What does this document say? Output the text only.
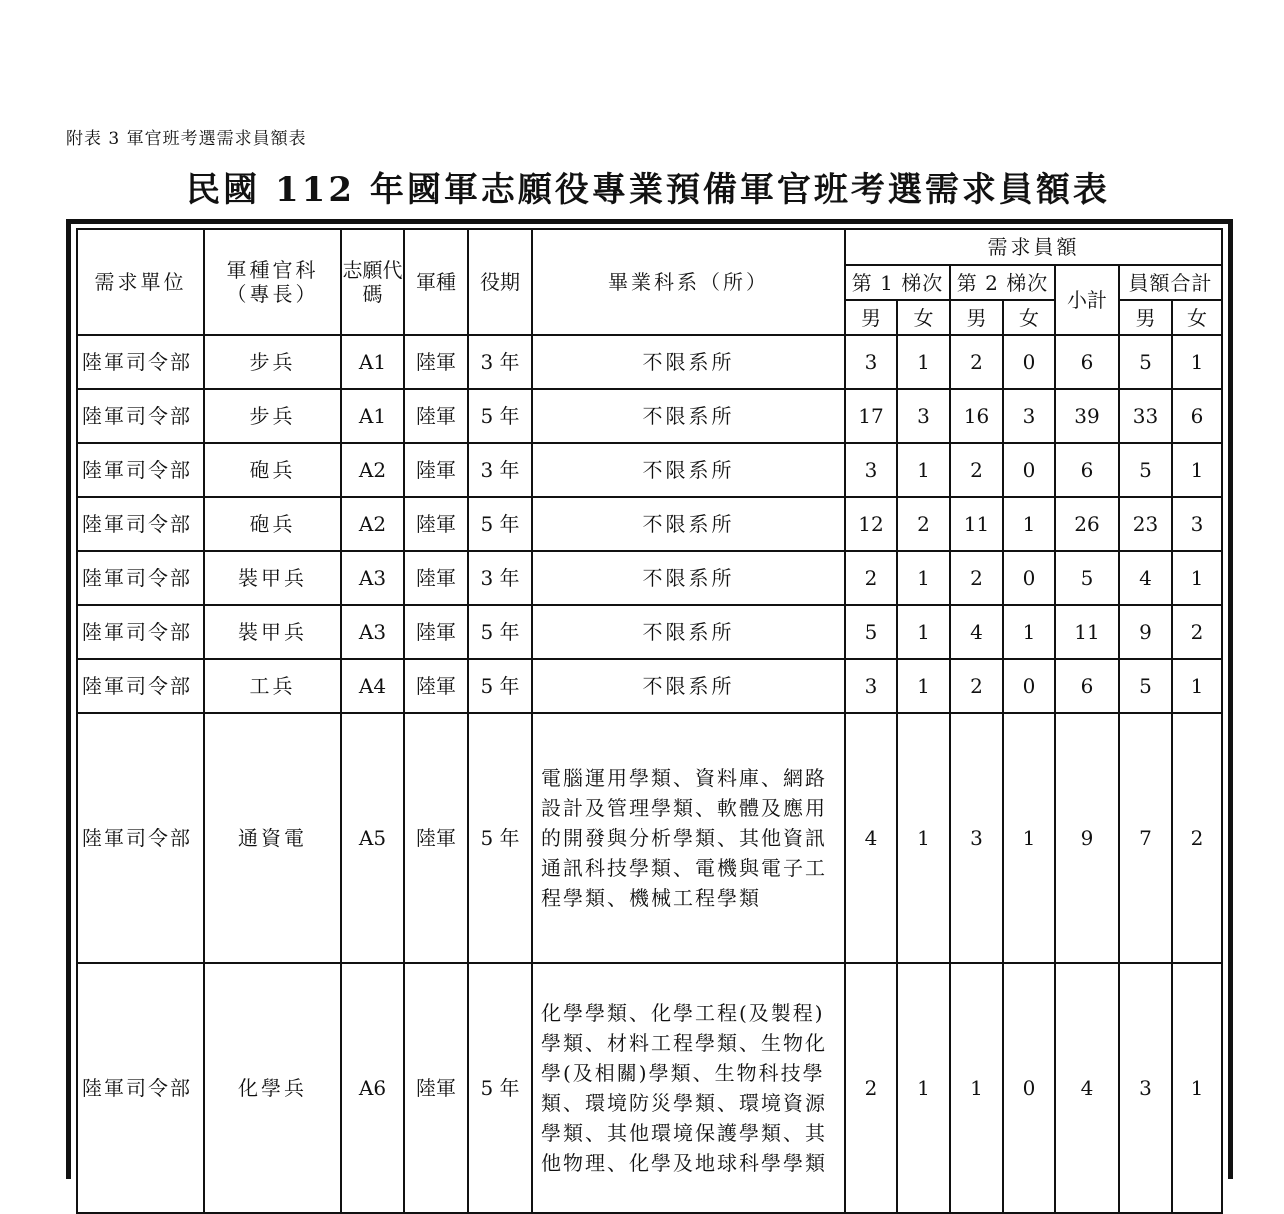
附表 3 軍官班考選需求員額表
民國 112 年國軍志願役專業預備軍官班考選需求員額表
需求單位	軍種官科（專長）	志願代碼	軍種	役期	畢業科系（所）	需求員額						
						第 1 梯次		第 2 梯次		小計	員額合計	
						男	女	男	女		男	女
陸軍司令部	步兵	A1	陸軍	3 年	不限系所	3	1	2	0	6	5	1
陸軍司令部	步兵	A1	陸軍	5 年	不限系所	17	3	16	3	39	33	6
陸軍司令部	砲兵	A2	陸軍	3 年	不限系所	3	1	2	0	6	5	1
陸軍司令部	砲兵	A2	陸軍	5 年	不限系所	12	2	11	1	26	23	3
陸軍司令部	裝甲兵	A3	陸軍	3 年	不限系所	2	1	2	0	5	4	1
陸軍司令部	裝甲兵	A3	陸軍	5 年	不限系所	5	1	4	1	11	9	2
陸軍司令部	工兵	A4	陸軍	5 年	不限系所	3	1	2	0	6	5	1
陸軍司令部	通資電	A5	陸軍	5 年	電腦運用學類、資料庫、網路設計及管理學類、軟體及應用的開發與分析學類、其他資訊通訊科技學類、電機與電子工程學類、機械工程學類	4	1	3	1	9	7	2
陸軍司令部	化學兵	A6	陸軍	5 年	化學學類、化學工程(及製程)學類、材料工程學類、生物化學(及相關)學類、生物科技學類、環境防災學類、環境資源學類、其他環境保護學類、其他物理、化學及地球科學學類	2	1	1	0	4	3	1
